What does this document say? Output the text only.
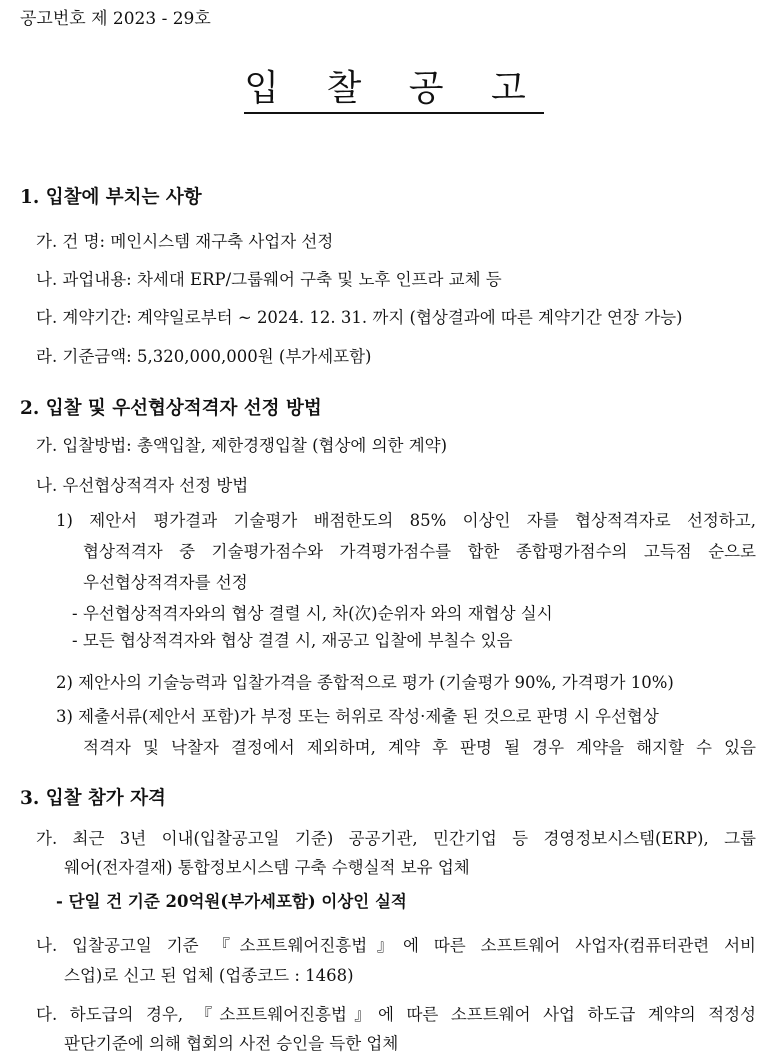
공고번호 제 2023 - 29호
입 찰 공 고
1. 입찰에 부치는 사항
가. 건 명: 메인시스템 재구축 사업자 선정
나. 과업내용: 차세대 ERP/그룹웨어 구축 및 노후 인프라 교체 등
다. 계약기간: 계약일로부터 ~ 2024. 12. 31. 까지 (협상결과에 따른 계약기간 연장 가능)
라. 기준금액: 5,320,000,000원 (부가세포함)
2. 입찰 및 우선협상적격자 선정 방법
가. 입찰방법: 총액입찰, 제한경쟁입찰 (협상에 의한 계약)
나. 우선협상적격자 선정 방법
1) 제안서 평가결과 기술평가 배점한도의 85% 이상인 자를 협상적격자로 선정하고,
협상적격자 중 기술평가점수와 가격평가점수를 합한 종합평가점수의 고득점 순으로
우선협상적격자를 선정
- 우선협상적격자와의 협상 결렬 시, 차(次)순위자 와의 재협상 실시
- 모든 협상적격자와 협상 결결 시, 재공고 입찰에 부칠수 있음
2) 제안사의 기술능력과 입찰가격을 종합적으로 평가 (기술평가 90%, 가격평가 10%)
3) 제출서류(제안서 포함)가 부정 또는 허위로 작성·제출 된 것으로 판명 시 우선협상
적격자 및 낙찰자 결정에서 제외하며, 계약 후 판명 될 경우 계약을 해지할 수 있음
3. 입찰 참가 자격
가. 최근 3년 이내(입찰공고일 기준) 공공기관, 민간기업 등 경영정보시스템(ERP), 그룹
웨어(전자결재) 통합정보시스템 구축 수행실적 보유 업체
- 단일 건 기준 20억원(부가세포함) 이상인 실적
나. 입찰공고일 기준 『소프트웨어진흥법』에 따른 소프트웨어 사업자(컴퓨터관련 서비
스업)로 신고 된 업체 (업종코드 : 1468)
다. 하도급의 경우, 『소프트웨어진흥법』에 따른 소프트웨어 사업 하도급 계약의 적정성
판단기준에 의해 협회의 사전 승인을 득한 업체
